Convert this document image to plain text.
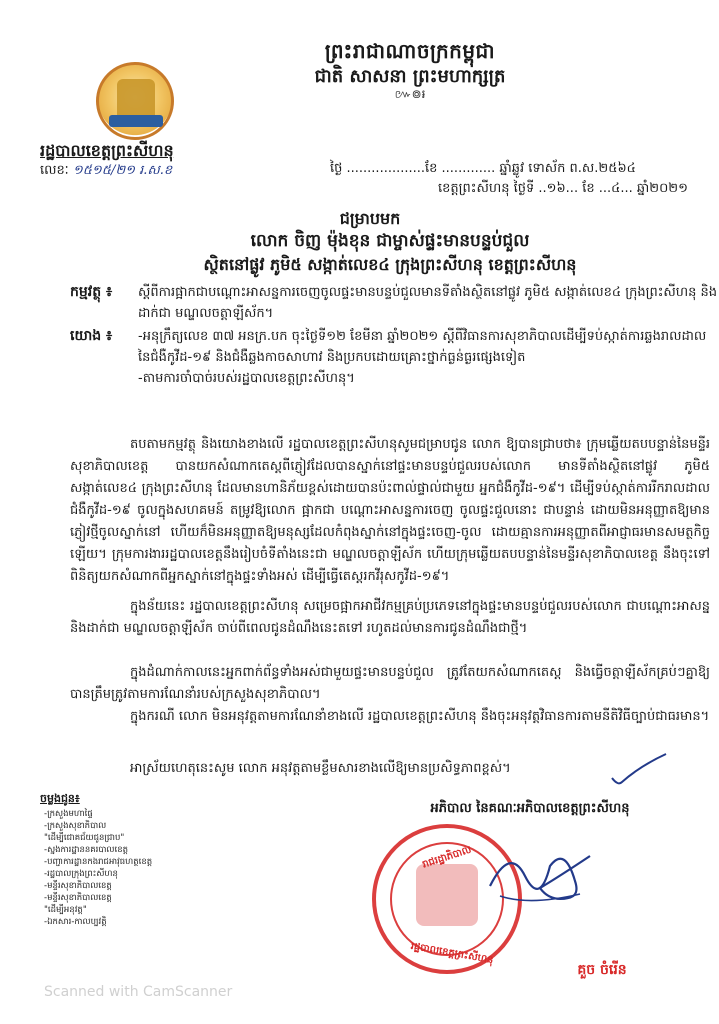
ព្រះរាជាណាចក្រកម្ពុជា
ជាតិ សាសនា ព្រះមហាក្សត្រ
៚៙៛
រដ្ឋបាលខេត្តព្រះសីហនុ
លេខៈ ១៥១៥/២១ រ.ស.ខ	ថ្ងៃ ...................ខែ ............. ឆ្នាំឆ្លូវ ទោស័ក ព.ស.២៥៦៤
ខេត្តព្រះសីហនុ ថ្ងៃទី ..១៦... ខែ ...៤... ឆ្នាំ២០២១
ជម្រាបមក
លោក ចិញ ម៉ុងខុន ជាម្ចាស់ផ្ទះមានបន្ទប់ជួល
ស្ថិតនៅផ្លូវ ភូមិ៥ សង្កាត់លេខ៤ ក្រុងព្រះសីហនុ ខេត្តព្រះសីហនុ
កម្មវត្ថុ ៖	ស្តីពីការផ្អាកជាបណ្តោះអាសន្នការចេញចូលផ្ទះមានបន្ទប់ជួលមានទីតាំងស្ថិតនៅផ្លូវ ភូមិ៥ សង្កាត់លេខ៤ ក្រុងព្រះសីហនុ និងដាក់ជា មណ្ឌលចត្តាឡីស័ក។
យោង ៖	-អនុក្រឹត្យលេខ ៣៧ អនក្រ.បក ចុះថ្ងៃទី១២ ខែមីនា ឆ្នាំ២០២១ ស្តីពីវិធានការសុខាភិបាលដើម្បីទប់ស្កាត់ការឆ្លងរាលដាលនៃជំងឺកូវីដ-១៩ និងជំងឺឆ្លងកាចសាហាវ និងប្រកបដោយគ្រោះថ្នាក់ធ្ងន់ធ្ងរផ្សេងទៀត
-តាមការចាំបាច់របស់រដ្ឋបាលខេត្តព្រះសីហនុ។
តបតាមកម្មវត្ថុ និងយោងខាងលើ រដ្ឋបាលខេត្តព្រះសីហនុសូមជម្រាបជូន លោក ឱ្យបានជ្រាបថា៖ ក្រុមឆ្លើយតបបន្ទាន់នៃមន្ទីរសុខាភិបាលខេត្ត បានយកសំណាកតេស្តពីភ្ញៀវដែលបានស្នាក់នៅផ្ទះមានបន្ទប់ជួលរបស់លោក មានទីតាំងស្ថិតនៅផ្លូវ ភូមិ៥ សង្កាត់លេខ៤ ក្រុងព្រះសីហនុ ដែលមានហានិភ័យខ្ពស់ដោយបានប៉ះពាល់ផ្ទាល់ជាមួយ អ្នកជំងឺកូវីដ-១៩។ ដើម្បីទប់ស្កាត់ការរីករាលដាលជំងឺកូវីដ-១៩ ចូលក្នុងសហគមន៍ តម្រូវឱ្យលោក ផ្អាកជា បណ្តោះអាសន្នការចេញ ចូលផ្ទះជួលនោះ ជាបន្ទាន់ ដោយមិនអនុញ្ញាតឱ្យមានភ្ញៀវថ្មីចូលស្នាក់នៅ ហើយក៏មិនអនុញ្ញាតឱ្យមនុស្សដែលកំពុងស្នាក់នៅក្នុងផ្ទះចេញ-ចូល ដោយគ្មានការអនុញ្ញាតពីអាជ្ញាធរមានសមត្ថកិច្ចឡើយ។ ក្រុមការងាររដ្ឋបាលខេត្តនឹងរៀបចំទីតាំងនេះជា មណ្ឌលចត្តាឡីស័ក ហើយក្រុមឆ្លើយតបបន្ទាន់នៃមន្ទីរសុខាភិបាលខេត្ត នឹងចុះទៅពិនិត្យយកសំណាកពីអ្នកស្នាក់នៅក្នុងផ្ទះទាំងអស់ ដើម្បីធ្វើតេស្តរកវីរុសកូវីដ-១៩។
ក្នុងន័យនេះ រដ្ឋបាលខេត្តព្រះសីហនុ សម្រេចផ្អាកអាជីវកម្មគ្រប់ប្រភេទនៅក្នុងផ្ទះមានបន្ទប់ជួលរបស់លោក ជាបណ្តោះអាសន្ន និងដាក់ជា មណ្ឌលចត្តាឡីស័ក ចាប់ពីពេលជូនដំណឹងនេះតទៅ រហូតដល់មានការជូនដំណឹងជាថ្មី។
ក្នុងដំណាក់កាលនេះអ្នកពាក់ព័ន្ធទាំងអស់ជាមួយផ្ទះមានបន្ទប់ជួល ត្រូវតែយកសំណាកតេស្ត និងធ្វើចត្តាឡីស័កគ្រប់ៗគ្នាឱ្យបានត្រឹមត្រូវតាមការណែនាំរបស់ក្រសួងសុខាភិបាល។
ក្នុងករណី លោក មិនអនុវត្តតាមការណែនាំខាងលើ រដ្ឋបាលខេត្តព្រះសីហនុ នឹងចុះអនុវត្តវិធានការតាមនីតិវិធីច្បាប់ជាធរមាន។
អាស្រ័យហេតុនេះសូម លោក អនុវត្តតាមខ្លឹមសារខាងលើឱ្យមានប្រសិទ្ធភាពខ្ពស់។
ចម្លងជូន៖
-ក្រសួងមហាផ្ទៃ
-ក្រសួងសុខាភិបាល
"ដើម្បីជោគជ័យជូនជ្រាប"
-ស្នងការដ្ឋាននគរបាលខេត្ត
-បញ្ជាការដ្ឋានកងរាជអាវុធហត្ថខេត្ត
-រដ្ឋបាលក្រុងព្រះសីហនុ
-មន្ទីរសុខាភិបាលខេត្ត
-មន្ទីរសុខាភិបាលខេត្ត
"ដើម្បីអនុវត្ត"
-ឯកសារ-កាលប្បវត្តិ
អភិបាល នៃគណៈអភិបាលខេត្តព្រះសីហនុ
រាជរដ្ឋាភិបាល
រដ្ឋបាលខេត្តព្រះសីហនុ
គួច ចំរើន
Scanned with CamScanner
